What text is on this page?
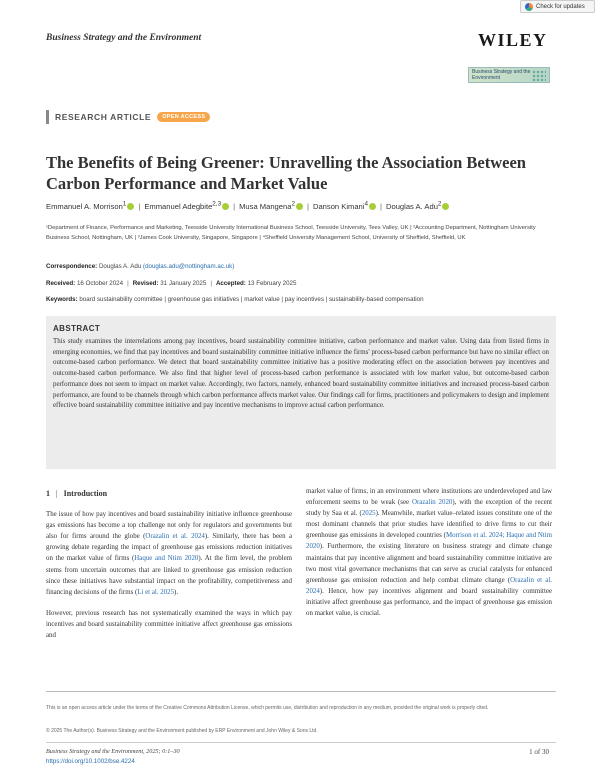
Check for updates
Business Strategy and the Environment	WILEY
Business Strategy and the Environment
RESEARCH ARTICLE	OPEN ACCESS
The Benefits of Being Greener: Unravelling the Association Between Carbon Performance and Market Value
Emmanuel A. Morrison$^1$ | Emmanuel Adegbite$^{2,3}$ | Musa Mangena$^2$ | Danson Kimani$^4$ | Douglas A. Adu$^2$
¹Department of Finance, Performance and Marketing, Teesside University International Business School, Teesside University, Tees Valley, UK | ²Accounting Department, Nottingham University Business School, Nottingham, UK | ³James Cook University, Singapore, Singapore | ⁴Sheffield University Management School, University of Sheffield, Sheffield, UK
Correspondence: Douglas A. Adu (douglas.adu@nottingham.ac.uk)
Received: 16 October 2024 | Revised: 31 January 2025 | Accepted: 13 February 2025
Keywords: board sustainability committee | greenhouse gas initiatives | market value | pay incentives | sustainability-based compensation
ABSTRACT

This study examines the interrelations among pay incentives, board sustainability committee initiative, carbon performance and market value. Using data from listed firms in emerging economies, we find that pay incentives and board sustainability committee initiative influence the firms' process-based carbon performance but have no similar effect on outcome-based carbon performance. We detect that board sustainability committee initiative has a positive moderating effect on the association between pay incentives and outcome-based carbon performance. We also find that higher level of process-based carbon performance is associated with low market value, but outcome-based carbon performance does not seem to impact on market value. Accordingly, two factors, namely, enhanced board sustainability committee initiatives and increased process-based carbon performance, are found to be channels through which carbon performance affects market value. Our findings call for firms, practitioners and policymakers to design and implement effective board sustainability committee initiative and pay incentive mechanisms to improve actual carbon performance.

1 | Introduction

The issue of how pay incentives and board sustainability initiative influence greenhouse gas emissions has become a top challenge not only for regulators and governments but also for firms around the globe (Orazalin et al. 2024). Similarly, there has been a growing debate regarding the impact of greenhouse gas emissions reduction initiatives on the market value of firms (Haque and Ntim 2020). At the firm level, the problem stems from uncertain outcomes that are linked to greenhouse gas emission reduction since these initiatives have substantial impact on the profitability, competitiveness and financing decisions of the firms (Li et al. 2025).

However, previous research has not systematically examined the ways in which pay incentives and board sustainability committee initiative affect greenhouse gas emissions and

market value of firms, in an environment where institutions are underdeveloped and law enforcement seems to be weak (see Orazalin 2020), with the exception of the recent study by Saa et al. (2025). Meanwhile, market value–related issues constitute one of the most dominant channels that prior studies have identified to drive firms to cut their greenhouse gas emissions in developed countries (Morrison et al. 2024; Haque and Ntim 2020). Furthermore, the existing literature on business strategy and climate change maintains that pay incentive alignment and board sustainability committee initiative are two most vital governance mechanisms that can serve as crucial catalysts for enhanced greenhouse gas emission reduction and help combat climate change (Orazalin et al. 2024). Hence, how pay incentives alignment and board sustainability committee initiative affect greenhouse gas performance, and the impact of greenhouse gas emission on market value, is crucial.

This is an open access article under the terms of the Creative Commons Attribution License, which permits use, distribution and reproduction in any medium, provided the original work is properly cited.
© 2025 The Author(s). Business Strategy and the Environment published by ERP Environment and John Wiley & Sons Ltd.
Business Strategy and the Environment, 2025; 0:1–30
https://doi.org/10.1002/bse.4224
1 of 30
